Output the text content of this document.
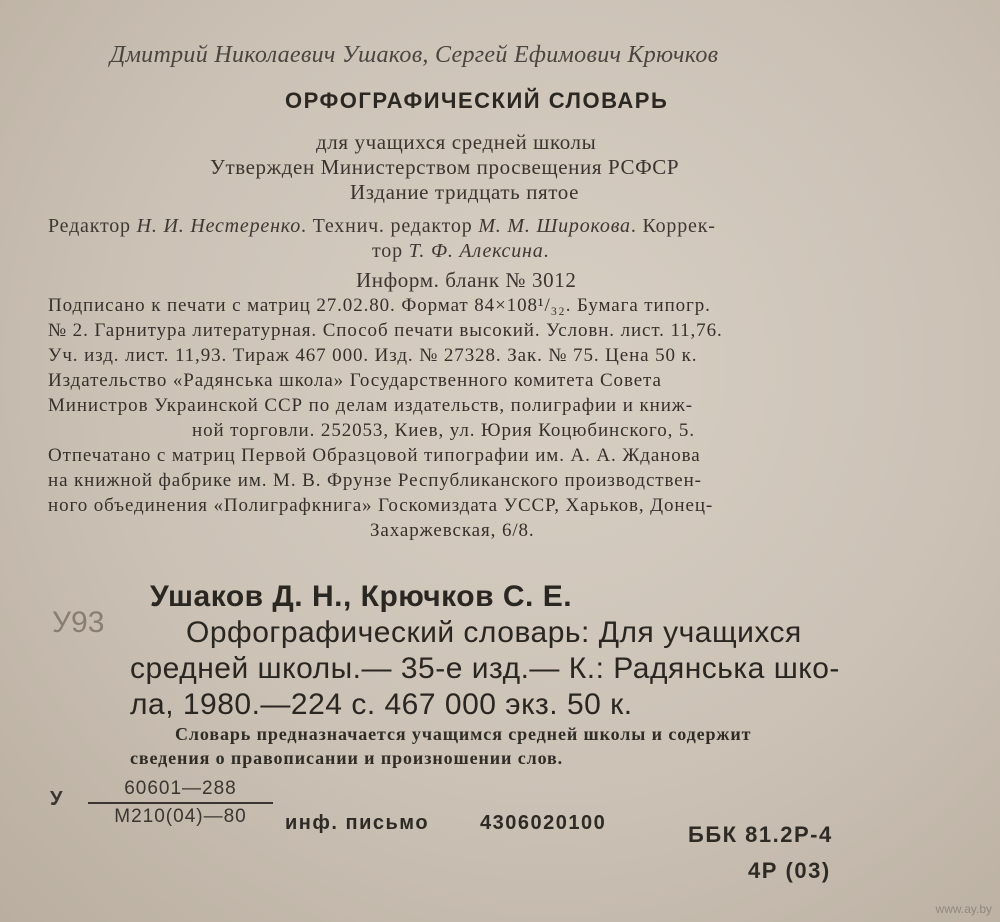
Дмитрий Николаевич Ушаков, Сергей Ефимович Крючков
ОРФОГРАФИЧЕСКИЙ СЛОВАРЬ
для учащихся средней школы
Утвержден Министерством просвещения РСФСР
Издание тридцать пятое
Редактор Н. И. Нестеренко. Технич. редактор М. М. Широкова. Коррек-
тор Т. Ф. Алексина.
Информ. бланк № 3012
Подписано к печати с матриц 27.02.80. Формат 84×108¹/₃₂. Бумага типогр.
№ 2. Гарнитура литературная. Способ печати высокий. Условн. лист. 11,76.
Уч. изд. лист. 11,93. Тираж 467 000. Изд. № 27328. Зак. № 75. Цена 50 к.
Издательство «Радянська школа» Государственного комитета Совета
Министров Украинской ССР по делам издательств, полиграфии и книж-
ной торговли. 252053, Киев, ул. Юрия Коцюбинского, 5.
Отпечатано с матриц Первой Образцовой типографии им. А. А. Жданова
на книжной фабрике им. М. В. Фрунзе Республиканского производствен-
ного объединения «Полиграфкнига» Госкомиздата УССР, Харьков, Донец-
Захаржевская, 6/8.
Ушаков Д. Н., Крючков С. Е.
У93	Орфографический словарь: Для учащихся
средней школы.— 35-е изд.— К.: Радянська шко-
ла, 1980.—224 с. 467 000 экз. 50 к.
Словарь предназначается учащимся средней школы и содержит
сведения о правописании и произношении слов.
У	60601—288
М210(04)—80	инф. письмо	4306020100	ББК 81.2Р-4
4Р (03)
www.ay.by
